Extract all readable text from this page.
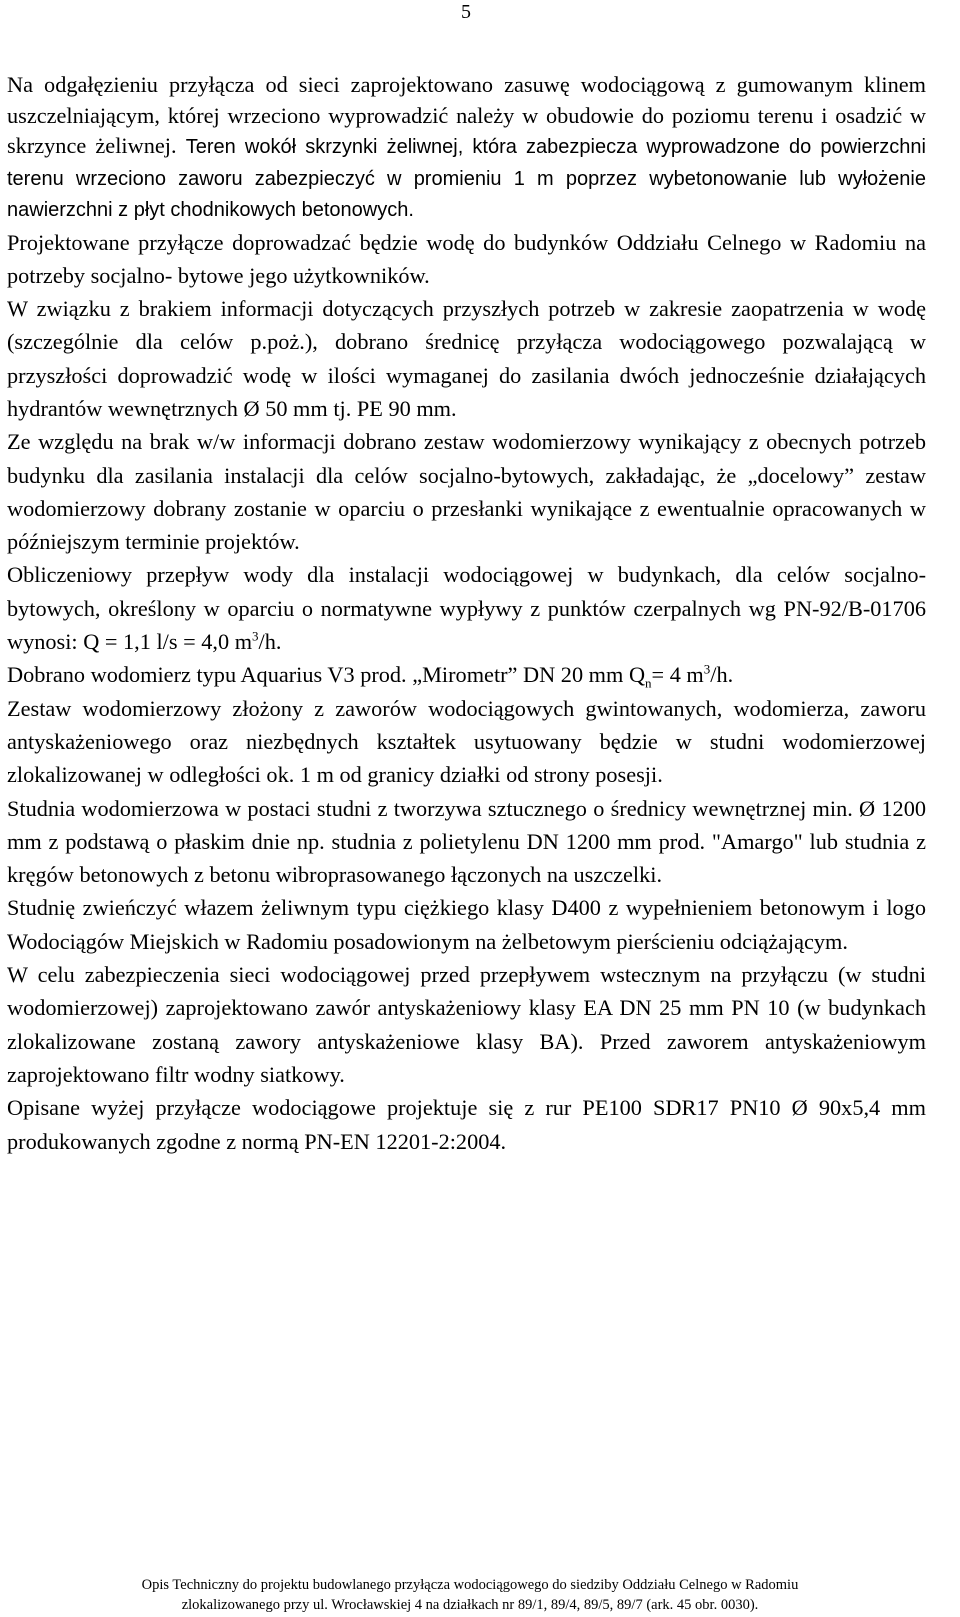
5

Na odgałęzieniu przyłącza od sieci zaprojektowano zasuwę wodociągową z gumowanym klinem uszczelniającym, której wrzeciono wyprowadzić należy w obudowie do poziomu terenu i osadzić w skrzynce żeliwnej. Teren wokół skrzynki żeliwnej, która zabezpiecza wyprowadzone do powierzchni terenu wrzeciono zaworu zabezpieczyć w promieniu 1 m poprzez wybetonowanie lub wyłożenie nawierzchni z płyt chodnikowych betonowych.

Projektowane przyłącze doprowadzać będzie wodę do budynków Oddziału Celnego w Radomiu na potrzeby socjalno- bytowe jego użytkowników.

W związku z brakiem informacji dotyczących przyszłych potrzeb w zakresie zaopatrzenia w wodę (szczególnie dla celów p.poż.), dobrano średnicę przyłącza wodociągowego pozwalającą w przyszłości doprowadzić wodę w ilości wymaganej do zasilania dwóch jednocześnie działających hydrantów wewnętrznych Ø 50 mm tj. PE 90 mm.

Ze względu na brak w/w informacji dobrano zestaw wodomierzowy wynikający z obecnych potrzeb budynku dla zasilania instalacji dla celów socjalno-bytowych, zakładając, że „docelowy” zestaw wodomierzowy dobrany zostanie w oparciu o przesłanki wynikające z ewentualnie opracowanych w późniejszym terminie projektów.

Obliczeniowy przepływ wody dla instalacji wodociągowej w budynkach, dla celów socjalno- bytowych, określony w oparciu o normatywne wypływy z punktów czerpalnych wg PN-92/B-01706 wynosi: Q = 1,1 l/s = 4,0 $m^3/h$.

Dobrano wodomierz typu Aquarius V3 prod. „Mirometr” DN 20 mm $Q_n= 4$ $m^3/h$.

Zestaw wodomierzowy złożony z zaworów wodociągowych gwintowanych, wodomierza, zaworu antyskażeniowego oraz niezbędnych kształtek usytuowany będzie w studni wodomierzowej zlokalizowanej w odległości ok. 1 m od granicy działki od strony posesji.

Studnia wodomierzowa w postaci studni z tworzywa sztucznego o średnicy wewnętrznej min. Ø 1200 mm z podstawą o płaskim dnie np. studnia z polietylenu DN 1200 mm prod. "Amargo" lub studnia z kręgów betonowych z betonu wibroprasowanego łączonych na uszczelki.

Studnię zwieńczyć włazem żeliwnym typu ciężkiego klasy D400 z wypełnieniem betonowym i logo Wodociągów Miejskich w Radomiu posadowionym na żelbetowym pierścieniu odciążającym.

W celu zabezpieczenia sieci wodociągowej przed przepływem wstecznym na przyłączu (w studni wodomierzowej) zaprojektowano zawór antyskażeniowy klasy EA DN 25 mm PN 10 (w budynkach zlokalizowane zostaną zawory antyskażeniowe klasy BA). Przed zaworem antyskażeniowym zaprojektowano filtr wodny siatkowy.

Opisane wyżej przyłącze wodociągowe projektuje się z rur PE100 SDR17 PN10 Ø 90x5,4 mm produkowanych zgodne z normą PN-EN 12201-2:2004.

Opis Techniczny do projektu budowlanego przyłącza wodociągowego do siedziby Oddziału Celnego w Radomiu
zlokalizowanego przy ul. Wrocławskiej 4 na działkach nr 89/1, 89/4, 89/5, 89/7 (ark. 45 obr. 0030).
